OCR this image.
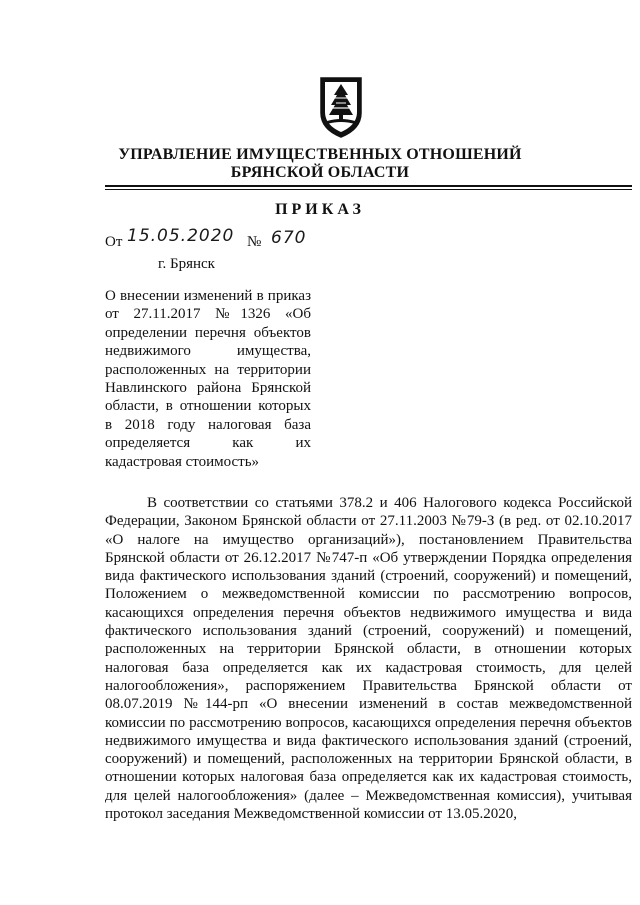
УПРАВЛЕНИЕ ИМУЩЕСТВЕННЫХ ОТНОШЕНИЙ
БРЯНСКОЙ ОБЛАСТИ
ПРИКАЗ
От 15.05.2020 № 670
г. Брянск
О внесении изменений в приказ от 27.11.2017 №1326 «Об определении перечня объектов недвижимого имущества, расположенных на территории Навлинского района Брянской области, в отношении которых в 2018 году налоговая база определяется как их кадастровая стоимость»
В соответствии со статьями 378.2 и 406 Налогового кодекса Российской Федерации, Законом Брянской области от 27.11.2003 №79-З (в ред. от 02.10.2017 «О налоге на имущество организаций»), постановлением Правительства Брянской области от 26.12.2017 №747-п «Об утверждении Порядка определения вида фактического использования зданий (строений, сооружений) и помещений, Положением о межведомственной комиссии по рассмотрению вопросов, касающихся определения перечня объектов недвижимого имущества и вида фактического использования зданий (строений, сооружений) и помещений, расположенных на территории Брянской области, в отношении которых налоговая база определяется как их кадастровая стоимость, для целей налогообложения», распоряжением Правительства Брянской области от 08.07.2019 №144-рп «О внесении изменений в состав межведомственной комиссии по рассмотрению вопросов, касающихся определения перечня объектов недвижимого имущества и вида фактического использования зданий (строений, сооружений) и помещений, расположенных на территории Брянской области, в отношении которых налоговая база определяется как их кадастровая стоимость, для целей налогообложения» (далее – Межведомственная комиссия), учитывая протокол заседания Межведомственной комиссии от 13.05.2020,
